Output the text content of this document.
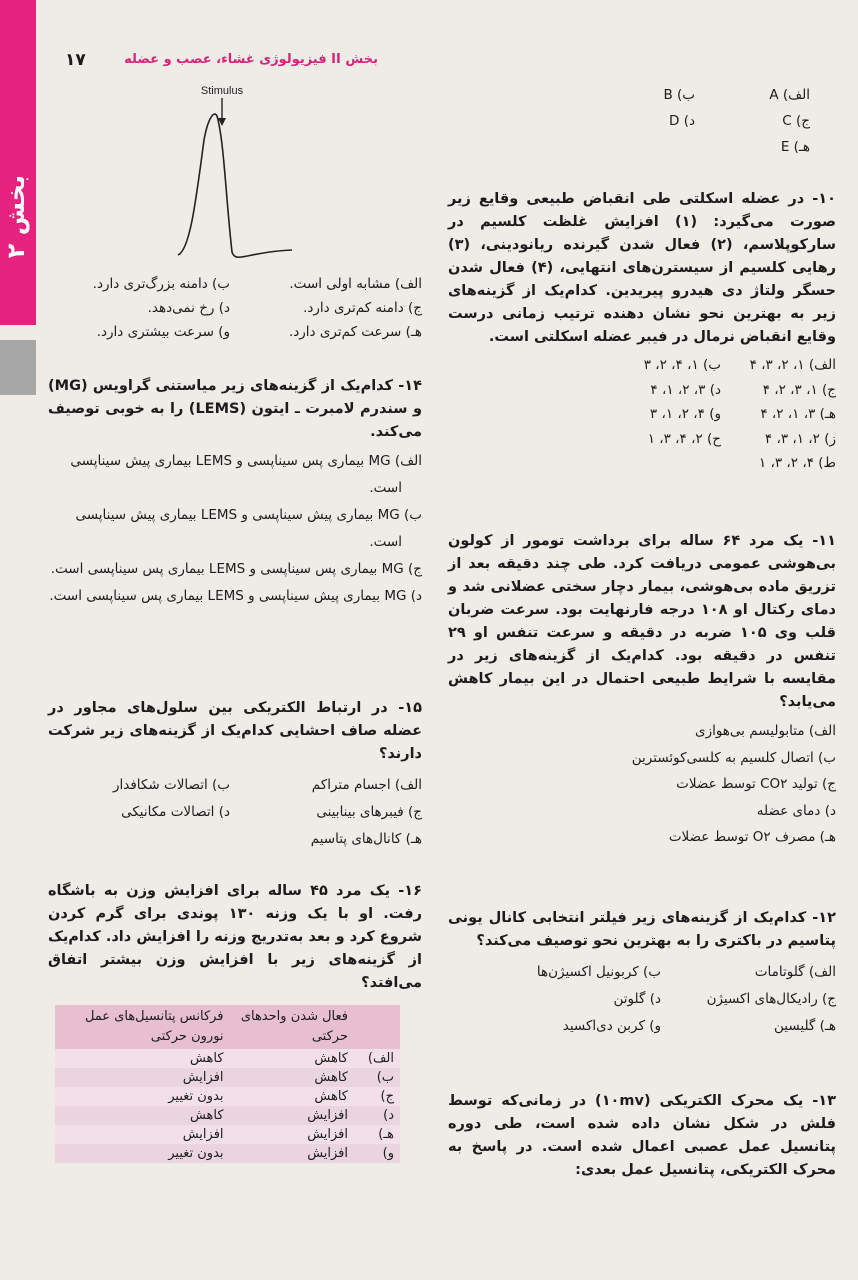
بخش ۲
۱۷	بخش II فیزیولوژی غشاء، عصب و عضله
Stimulus
الف) مشابه اولی است.
ب) دامنه بزرگ‌تری دارد.
ج) دامنه کم‌تری دارد.
د) رخ نمی‌دهد.
هـ) سرعت کم‌تری دارد.
و) سرعت بیشتری دارد.

۱۴- کدام‌یک از گزینه‌های زیر میاستنی گراویس (MG) و سندرم لامبرت ـ ایتون (LEMS) را به خوبی توصیف می‌کند.

الف) MG بیماری پس سیناپسی و LEMS بیماری پیش سیناپسی است.
ب) MG بیماری پیش سیناپسی و LEMS بیماری پیش سیناپسی است.
ج) MG بیماری پس سیناپسی و LEMS بیماری پس سیناپسی است.
د) MG بیماری پیش سیناپسی و LEMS بیماری پس سیناپسی است.

۱۵- در ارتباط الکتریکی بین سلول‌های مجاور در عضله صاف احشایی کدام‌یک از گزینه‌های زیر شرکت دارند؟

الف) اجسام متراکم
ب) اتصالات شکافدار
ج) فیبرهای بینابینی
د) اتصالات مکانیکی
هـ) کانال‌های پتاسیم

۱۶- یک مرد ۴۵ ساله برای افزایش وزن به باشگاه رفت. او با یک وزنه ۱۳۰ پوندی برای گرم کردن شروع کرد و بعد به‌تدریج وزنه را افزایش داد. کدام‌یک از گزینه‌های زیر با افزایش وزن بیشتر اتفاق می‌افتد؟

	فعال شدن واحدهای حرکتی	فرکانس پتانسیل‌های عمل نورون حرکتی
الف)	کاهش	کاهش
ب)	کاهش	افزایش
ج)	کاهش	بدون تغییر
د)	افزایش	کاهش
هـ)	افزایش	افزایش
و)	افزایش	بدون تغییر
الف) A
ب) B
ج) C
د) D
هـ) E

۱۰- در عضله اسکلتی طی انقباض طبیعی وقایع زیر صورت می‌گیرد: (۱) افزایش غلظت کلسیم در سارکوپلاسم، (۲) فعال شدن گیرنده ریانودینی، (۳) رهایی کلسیم از سیسترن‌های انتهایی، (۴) فعال شدن حسگر ولتاژ دی هیدرو پیریدین. کدام‌یک از گزینه‌های زیر به بهترین نحو نشان دهنده ترتیب زمانی درست وقایع انقباض نرمال در فیبر عضله اسکلتی است.

الف) ۱، ۲، ۳، ۴
ب) ۱، ۴، ۲، ۳
ج) ۱، ۳، ۲، ۴
د) ۳، ۲، ۱، ۴
هـ) ۳، ۱، ۲، ۴
و) ۴، ۲، ۱، ۳
ز) ۲، ۱، ۳، ۴
ح) ۲، ۴، ۳، ۱
ط) ۴، ۲، ۳، ۱

۱۱- یک مرد ۶۴ ساله برای برداشت تومور از کولون بی‌هوشی عمومی دریافت کرد. طی چند دقیقه بعد از تزریق ماده بی‌هوشی، بیمار دچار سختی عضلانی شد و دمای رکتال او ۱۰۸ درجه فارنهایت بود. سرعت ضربان قلب وی ۱۰۵ ضربه در دقیقه و سرعت تنفس او ۲۹ تنفس در دقیقه بود. کدام‌یک از گزینه‌های زیر در مقایسه با شرایط طبیعی احتمال در این بیمار کاهش می‌یابد؟

الف) متابولیسم بی‌هوازی
ب) اتصال کلسیم به کلسی‌کوئسترین
ج) تولید CO۲ توسط عضلات
د) دمای عضله
هـ) مصرف O۲ توسط عضلات

۱۲- کدام‌یک از گزینه‌های زیر فیلتر انتخابی کانال یونی پتاسیم در باکتری را به بهترین نحو توصیف می‌کند؟

الف) گلوتامات
ب) کربونیل اکسیژن‌ها
ج) رادیکال‌های اکسیژن
د) گلوتن
هـ) گلیسین
و) کربن دی‌اکسید

۱۳- یک محرک الکتریکی (۱۰mv) در زمانی‌که توسط فلش در شکل نشان داده شده است، طی دوره پتانسیل عمل عصبی اعمال شده است. در پاسخ به محرک الکتریکی، پتانسیل عمل بعدی:
